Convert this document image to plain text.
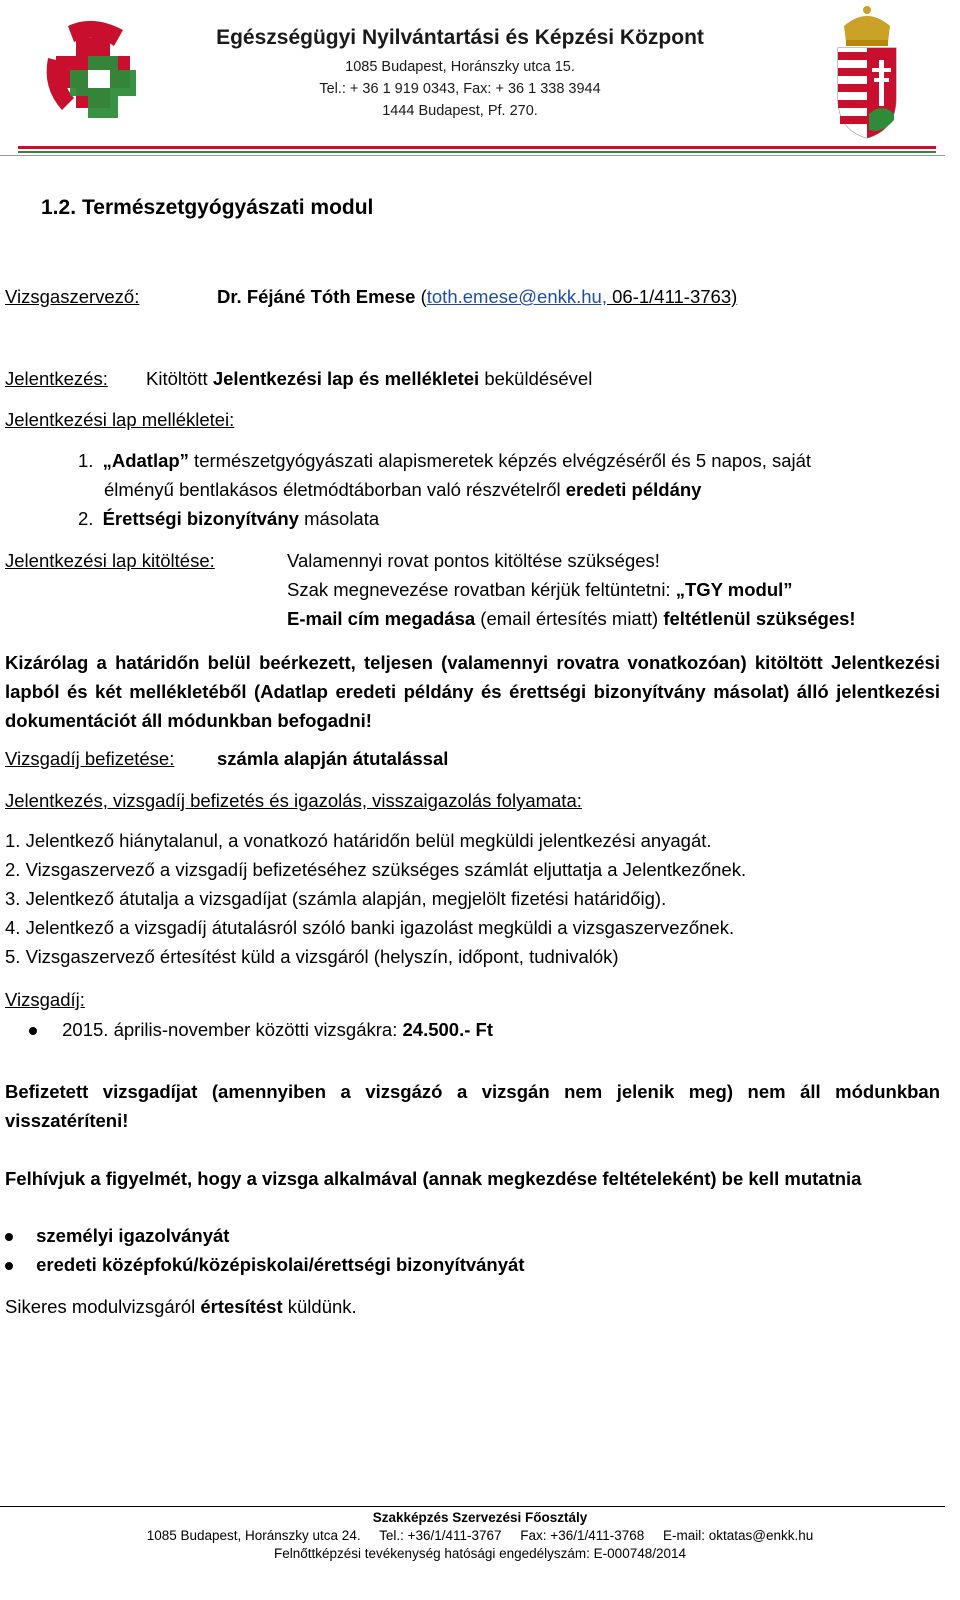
Egészségügyi Nyilvántartási és Képzési Központ
1085 Budapest, Horánszky utca 15.
Tel.: + 36 1 919 0343, Fax: + 36 1 338 3944
1444 Budapest, Pf. 270.
1.2. Természetgyógyászati modul
Vizsgaszervező:	Dr. Féjáné Tóth Emese (toth.emese@enkk.hu, 06-1/411-3763)
Jelentkezés: Kitöltött Jelentkezési lap és mellékletei beküldésével
Jelentkezési lap mellékletei:
1. „Adatlap” természetgyógyászati alapismeretek képzés elvégzéséről és 5 napos, saját
élményű bentlakásos életmódtáborban való részvételről eredeti példány
2. Érettségi bizonyítvány másolata
Jelentkezési lap kitöltése:	Valamennyi rovat pontos kitöltése szükséges!
Szak megnevezése rovatban kérjük feltüntetni: „TGY modul”
E-mail cím megadása (email értesítés miatt) feltétlenül szükséges!
Kizárólag a határidőn belül beérkezett, teljesen (valamennyi rovatra vonatkozóan) kitöltött Jelentkezési lapból és két mellékletéből (Adatlap eredeti példány és érettségi bizonyítvány másolat) álló jelentkezési dokumentációt áll módunkban befogadni!
Vizsgadíj befizetése: számla alapján átutalással
Jelentkezés, vizsgadíj befizetés és igazolás, visszaigazolás folyamata:
1. Jelentkező hiánytalanul, a vonatkozó határidőn belül megküldi jelentkezési anyagát.
2. Vizsgaszervező a vizsgadíj befizetéséhez szükséges számlát eljuttatja a Jelentkezőnek.
3. Jelentkező átutalja a vizsgadíjat (számla alapján, megjelölt fizetési határidőig).
4. Jelentkező a vizsgadíj átutalásról szóló banki igazolást megküldi a vizsgaszervezőnek.
5. Vizsgaszervező értesítést küld a vizsgáról (helyszín, időpont, tudnivalók)
Vizsgadíj:
2015. április-november közötti vizsgákra: 24.500.- Ft
Befizetett vizsgadíjat (amennyiben a vizsgázó a vizsgán nem jelenik meg) nem áll módunkban visszatéríteni!
Felhívjuk a figyelmét, hogy a vizsga alkalmával (annak megkezdése feltételeként) be kell mutatnia
személyi igazolványát
eredeti középfokú/középiskolai/érettségi bizonyítványát
Sikeres modulvizsgáról értesítést küldünk.
Szakképzés Szervezési Főosztály
1085 Budapest, Horánszky utca 24.     Tel.: +36/1/411-3767     Fax: +36/1/411-3768     E-mail: oktatas@enkk.hu
Felnőttképzési tevékenység hatósági engedélyszám: E-000748/2014
